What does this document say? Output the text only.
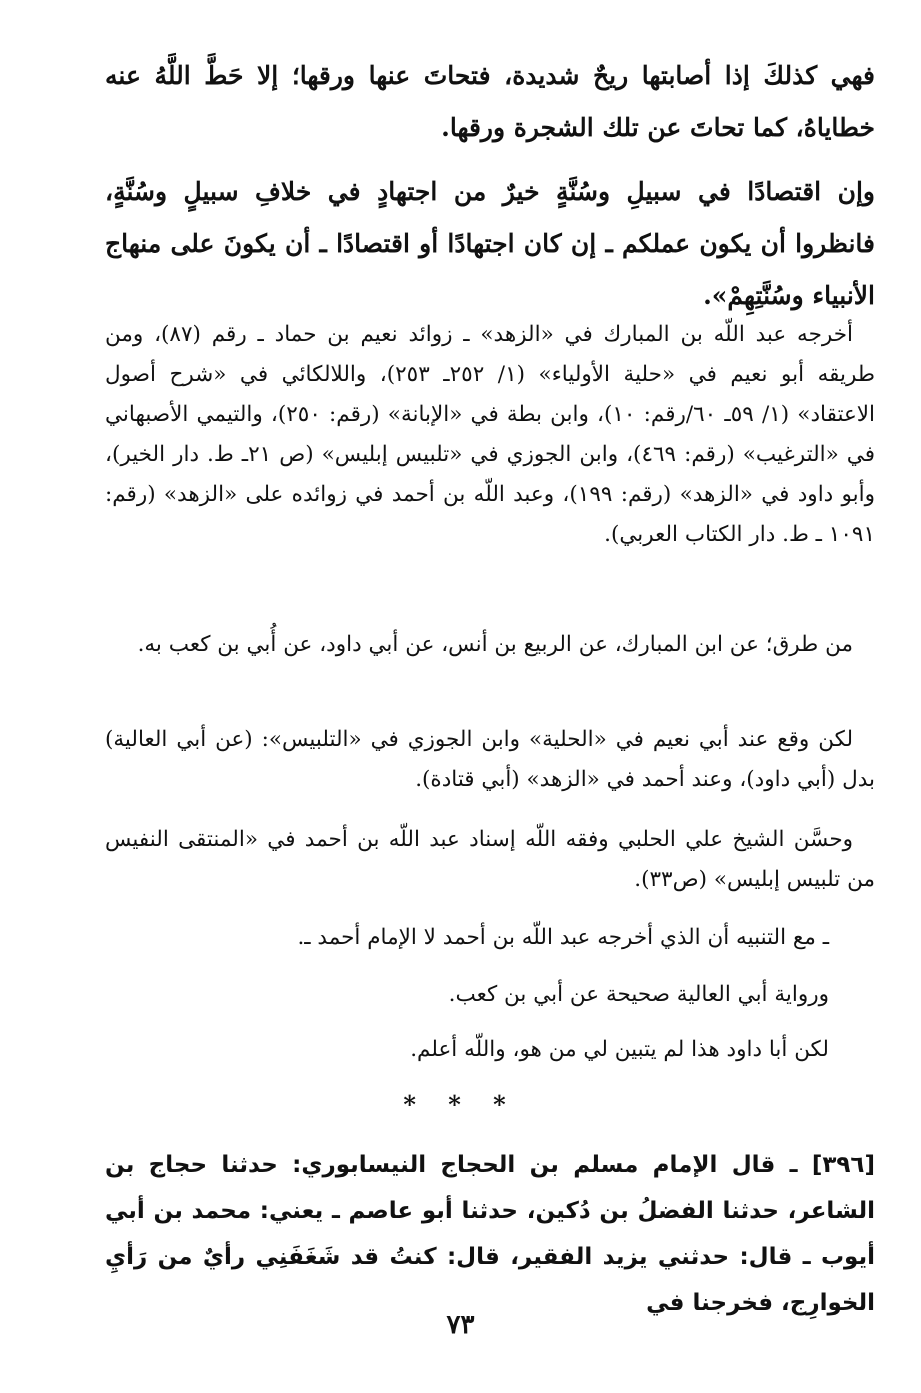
فهي كذلكَ إذا أصابتها ريحٌ شديدة، فتحاتَ عنها ورقها؛ إلا حَطَّ اللَّهُ عنه خطاياهُ، كما تحاتَ عن تلك الشجرة ورقها.

وإن اقتصادًا في سبيلِ وسُنَّةٍ خيرٌ من اجتهادٍ في خلافِ سبيلٍ وسُنَّةٍ، فانظروا أن يكون عملكم ـ إن كان اجتهادًا أو اقتصادًا ـ أن يكونَ على منهاج الأنبياء وسُنَّتِهِمْ».

أخرجه عبد اللّه بن المبارك في «الزهد» ـ زوائد نعيم بن حماد ـ رقم (٨٧)، ومن طريقه أبو نعيم في «حلية الأولياء» (١/ ٢٥٢ـ ٢٥٣)، واللالكائي في «شرح أصول الاعتقاد» (١/ ٥٩ـ ٦٠/رقم: ١٠)، وابن بطة في «الإبانة» (رقم: ٢٥٠)، والتيمي الأصبهاني في «الترغيب» (رقم: ٤٦٩)، وابن الجوزي في «تلبيس إبليس» (ص ٢١ـ ط. دار الخير)، وأبو داود في «الزهد» (رقم: ١٩٩)، وعبد اللّه بن أحمد في زوائده على «الزهد» (رقم: ١٠٩١ ـ ط. دار الكتاب العربي).

من طرق؛ عن ابن المبارك، عن الربيع بن أنس، عن أبي داود، عن أُبي بن كعب به.

لكن وقع عند أبي نعيم في «الحلية» وابن الجوزي في «التلبيس»: (عن أبي العالية) بدل (أبي داود)، وعند أحمد في «الزهد» (أبي قتادة).

وحسَّن الشيخ علي الحلبي وفقه اللّه إسناد عبد اللّه بن أحمد في «المنتقى النفيس من تلبيس إبليس» (ص٣٣).

ـ مع التنبيه أن الذي أخرجه عبد اللّه بن أحمد لا الإمام أحمد ـ.

ورواية أبي العالية صحيحة عن أبي بن كعب.

لكن أبا داود هذا لم يتبين لي من هو، واللّه أعلم.

* * *

[٣٩٦] ـ قال الإمام مسلم بن الحجاج النيسابوري: حدثنا حجاج بن الشاعر، حدثنا الفضلُ بن دُكين، حدثنا أبو عاصم ـ يعني: محمد بن أبي أيوب ـ قال: حدثني يزيد الفقير، قال: كنتُ قد شَغَفَنِي رأيٌ من رَأيِ الخوارِج، فخرجنا في

٧٣
